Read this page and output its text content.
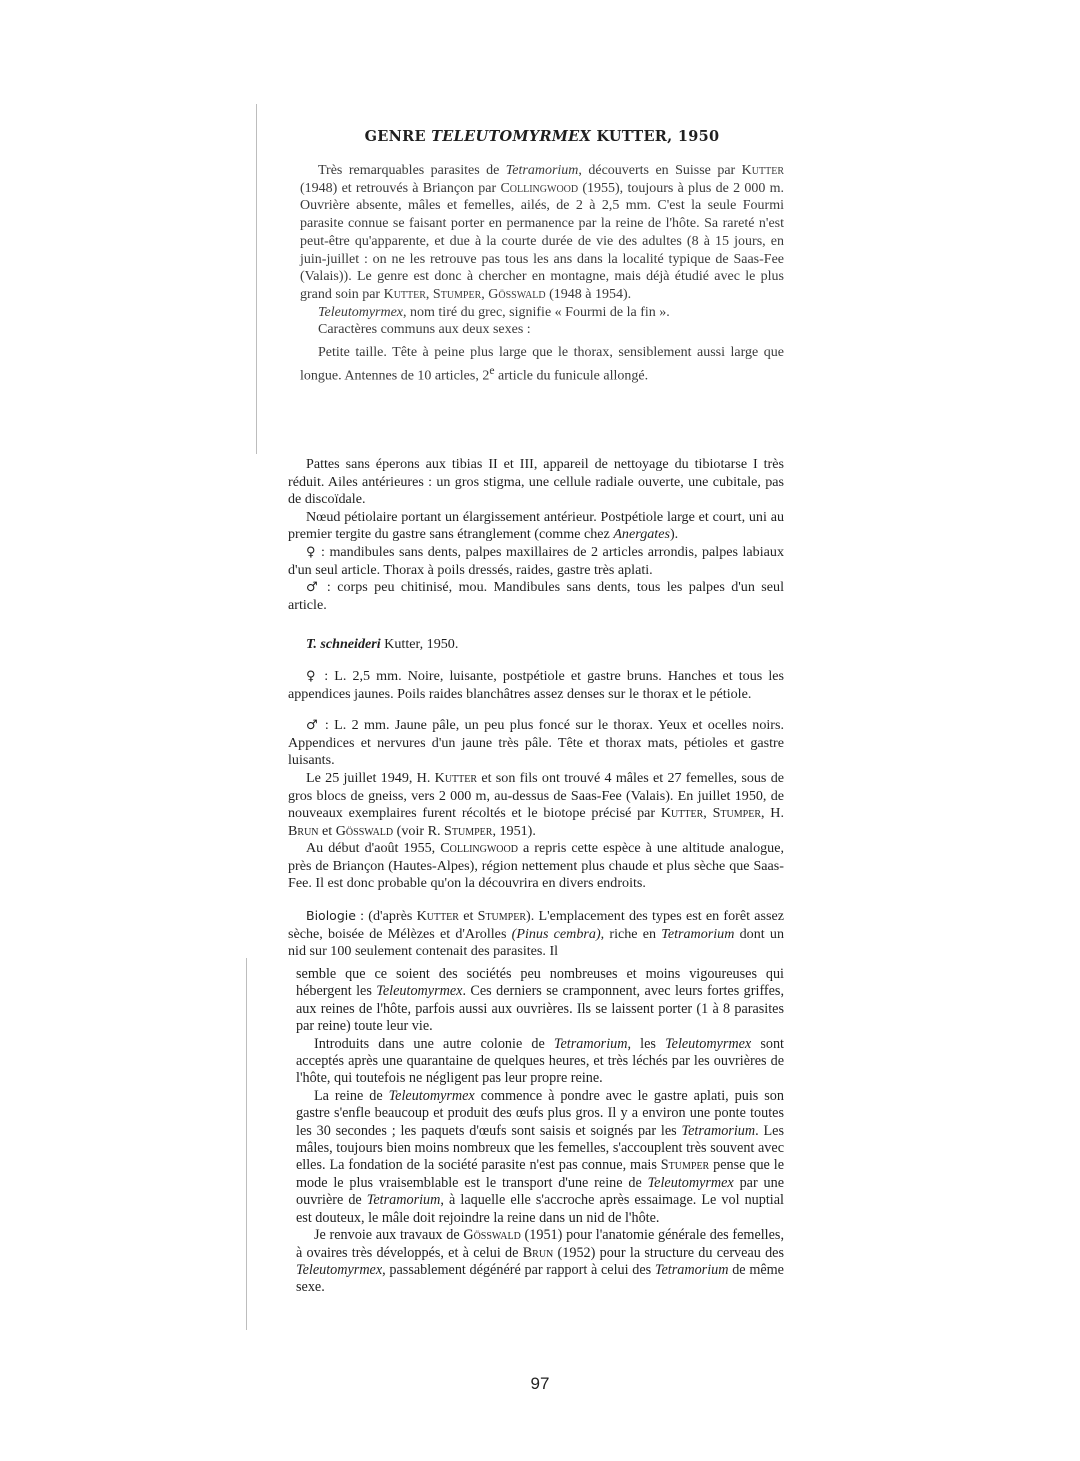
GENRE TELEUTOMYRMEX KUTTER, 1950

Très remarquables parasites de Tetramorium, découverts en Suisse par Kutter (1948) et retrouvés à Briançon par Collingwood (1955), toujours à plus de 2 000 m. Ouvrière absente, mâles et femelles, ailés, de 2 à 2,5 mm. C'est la seule Fourmi parasite connue se faisant porter en permanence par la reine de l'hôte. Sa rareté n'est peut-être qu'apparente, et due à la courte durée de vie des adultes (8 à 15 jours, en juin-juillet : on ne les retrouve pas tous les ans dans la localité typique de Saas-Fee (Valais)). Le genre est donc à chercher en montagne, mais déjà étudié avec le plus grand soin par Kutter, Stumper, Gösswald (1948 à 1954).

Teleutomyrmex, nom tiré du grec, signifie « Fourmi de la fin ».

Caractères communs aux deux sexes :

Petite taille. Tête à peine plus large que le thorax, sensiblement aussi large que longue. Antennes de 10 articles, 2e article du funicule allongé.

Pattes sans éperons aux tibias II et III, appareil de nettoyage du tibiotarse I très réduit. Ailes antérieures : un gros stigma, une cellule radiale ouverte, une cubitale, pas de discoïdale.

Nœud pétiolaire portant un élargissement antérieur. Postpétiole large et court, uni au premier tergite du gastre sans étranglement (comme chez Anergates).

♀ : mandibules sans dents, palpes maxillaires de 2 articles arrondis, palpes labiaux d'un seul article. Thorax à poils dressés, raides, gastre très aplati.

♂ : corps peu chitinisé, mou. Mandibules sans dents, tous les palpes d'un seul article.

T. schneideri Kutter, 1950.

♀ : L. 2,5 mm. Noire, luisante, postpétiole et gastre bruns. Hanches et tous les appendices jaunes. Poils raides blanchâtres assez denses sur le thorax et le pétiole.

♂ : L. 2 mm. Jaune pâle, un peu plus foncé sur le thorax. Yeux et ocelles noirs. Appendices et nervures d'un jaune très pâle. Tête et thorax mats, pétioles et gastre luisants.

Le 25 juillet 1949, H. Kutter et son fils ont trouvé 4 mâles et 27 femelles, sous de gros blocs de gneiss, vers 2 000 m, au-dessus de Saas-Fee (Valais). En juillet 1950, de nouveaux exemplaires furent récoltés et le biotope précisé par Kutter, Stumper, H. Brun et Gösswald (voir R. Stumper, 1951).

Au début d'août 1955, Collingwood a repris cette espèce à une altitude analogue, près de Briançon (Hautes-Alpes), région nettement plus chaude et plus sèche que Saas-Fee. Il est donc probable qu'on la découvrira en divers endroits.

Biologie : (d'après Kutter et Stumper). L'emplacement des types est en forêt assez sèche, boisée de Mélèzes et d'Arolles (Pinus cembra), riche en Tetramorium dont un nid sur 100 seulement contenait des parasites. Il

semble que ce soient des sociétés peu nombreuses et moins vigoureuses qui hébergent les Teleutomyrmex. Ces derniers se cramponnent, avec leurs fortes griffes, aux reines de l'hôte, parfois aussi aux ouvrières. Ils se laissent porter (1 à 8 parasites par reine) toute leur vie.

Introduits dans une autre colonie de Tetramorium, les Teleutomyrmex sont acceptés après une quarantaine de quelques heures, et très léchés par les ouvrières de l'hôte, qui toutefois ne négligent pas leur propre reine.

La reine de Teleutomyrmex commence à pondre avec le gastre aplati, puis son gastre s'enfle beaucoup et produit des œufs plus gros. Il y a environ une ponte toutes les 30 secondes ; les paquets d'œufs sont saisis et soignés par les Tetramorium. Les mâles, toujours bien moins nombreux que les femelles, s'accouplent très souvent avec elles. La fondation de la société parasite n'est pas connue, mais Stumper pense que le mode le plus vraisemblable est le transport d'une reine de Teleutomyrmex par une ouvrière de Tetramorium, à laquelle elle s'accroche après essaimage. Le vol nuptial est douteux, le mâle doit rejoindre la reine dans un nid de l'hôte.

Je renvoie aux travaux de Gösswald (1951) pour l'anatomie générale des femelles, à ovaires très développés, et à celui de Brun (1952) pour la structure du cerveau des Teleutomyrmex, passablement dégénéré par rapport à celui des Tetramorium de même sexe.

97
